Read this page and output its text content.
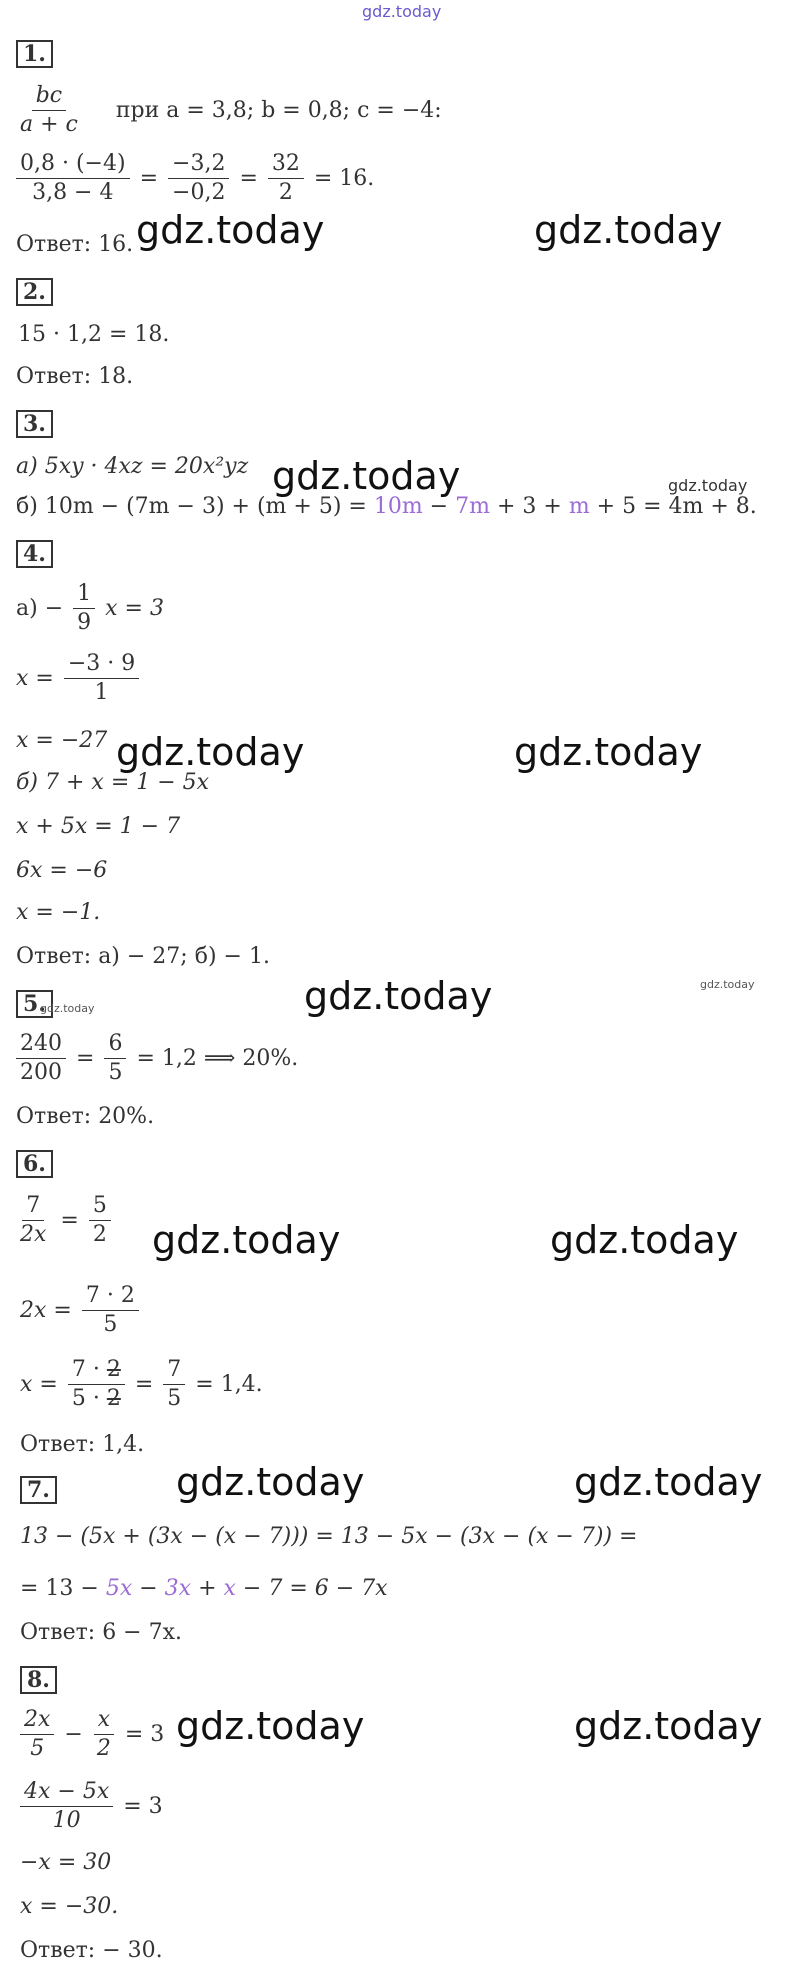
gdz.today
1.
$\frac{bc}{a + c}$ при a = 3,8; b = 0,8; c = −4:
$\frac{0,8 \cdot (-4)}{3,8 - 4} = \frac{-3,2}{-0,2} = \frac{32}{2} = 16$.
Ответ: 16. gdz.today	gdz.today
2.
15 · 1,2 = 18.
Ответ: 18.
3.
а) 5xy · 4xz = 20x²yz gdz.today	gdz.today
б) 10m − (7m − 3) + (m + 5) = 10m − 7m + 3 + m + 5 = 4m + 8.
4.
$а) - \frac{1}{9}$ x = 3
$x = \frac{-3 \cdot 9}{1}$
x = −27 gdz.today	gdz.today
б) 7 + x = 1 − 5x
x + 5x = 1 − 7
6x = −6
x = −1.
Ответ: а) − 27; б) − 1.
gdz.today
5.
gdz.today	gdz.today
$\frac{240}{200} = \frac{6}{5} = 1,2$ ⟹ 20%.
Ответ: 20%.
6.
$\frac{7}{2x} = \frac{5}{2}$ gdz.today	gdz.today
$2x = \frac{7 \cdot 2}{5}$
$x = \frac{7 \cdot 2}{5 \cdot 2} = \frac{7}{5} = 1,4$.
Ответ: 1,4.
7.	gdz.today	gdz.today
13 − (5x + (3x − (x − 7))) = 13 − 5x − (3x − (x − 7)) =
= 13 − 5x − 3x + x − 7 = 6 − 7x
Ответ: 6 − 7x.
8.
$\frac{2x}{5} - \frac{x}{2} = 3$ gdz.today	gdz.today
$\frac{4x - 5x}{10} = 3$
−x = 30
x = −30.
Ответ: − 30.
